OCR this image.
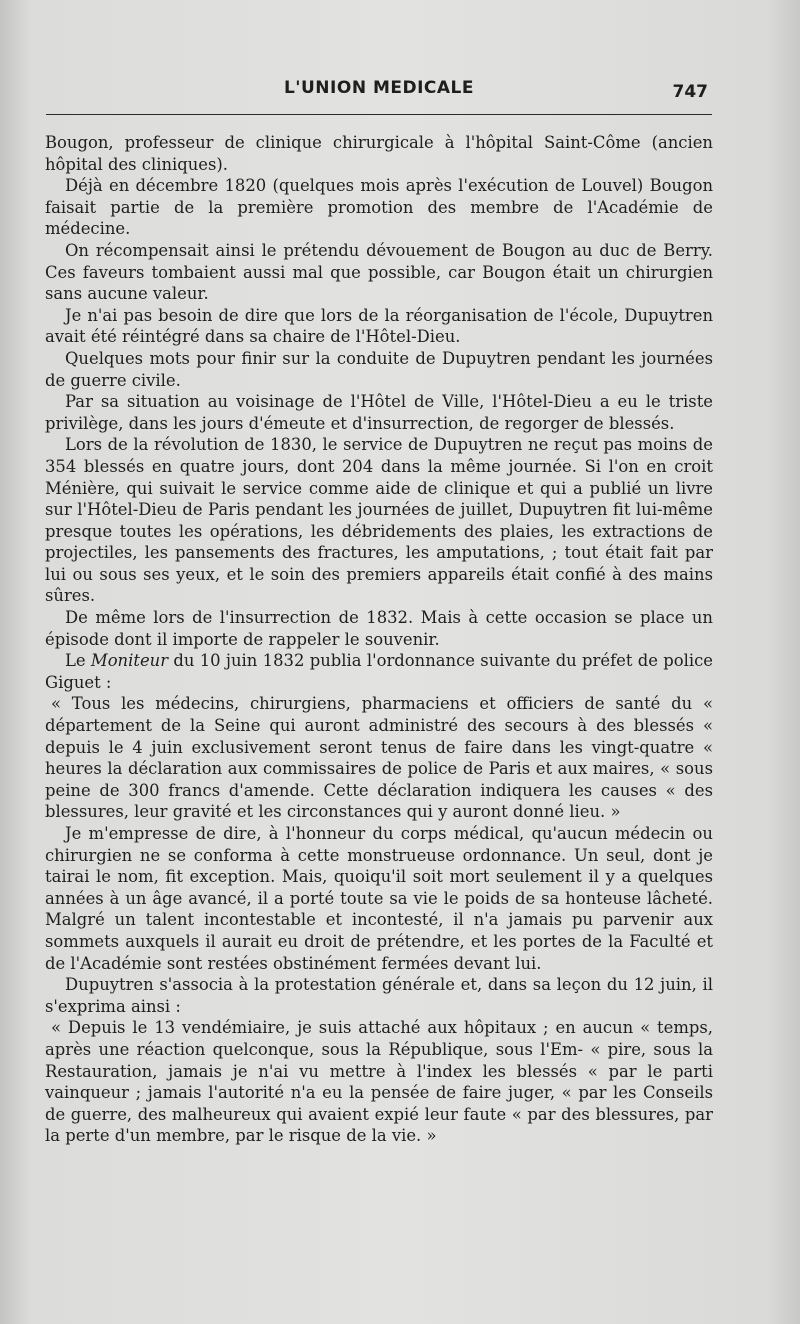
L'UNION MEDICALE	747

Bougon, professeur de clinique chirurgicale à l'hôpital Saint-Côme (ancien hôpital des cliniques).

Déjà en décembre 1820 (quelques mois après l'exécution de Louvel) Bougon faisait partie de la première promotion des membre de l'Académie de médecine.

On récompensait ainsi le prétendu dévouement de Bougon au duc de Berry. Ces faveurs tombaient aussi mal que possible, car Bougon était un chirurgien sans aucune valeur.

Je n'ai pas besoin de dire que lors de la réorganisation de l'école, Dupuytren avait été réintégré dans sa chaire de l'Hôtel-Dieu.

Quelques mots pour finir sur la conduite de Dupuytren pendant les journées de guerre civile.

Par sa situation au voisinage de l'Hôtel de Ville, l'Hôtel-Dieu a eu le triste privilège, dans les jours d'émeute et d'insurrection, de regorger de blessés.

Lors de la révolution de 1830, le service de Dupuytren ne reçut pas moins de 354 blessés en quatre jours, dont 204 dans la même journée. Si l'on en croit Ménière, qui suivait le service comme aide de clinique et qui a publié un livre sur l'Hôtel-Dieu de Paris pendant les journées de juillet, Dupuytren fit lui-même presque toutes les opérations, les débridements des plaies, les extractions de projectiles, les pansements des fractures, les amputations, ; tout était fait par lui ou sous ses yeux, et le soin des premiers appareils était confié à des mains sûres.

De même lors de l'insurrection de 1832. Mais à cette occasion se place un épisode dont il importe de rappeler le souvenir.

Le Moniteur du 10 juin 1832 publia l'ordonnance suivante du préfet de police Giguet :

« Tous les médecins, chirurgiens, pharmaciens et officiers de santé du « département de la Seine qui auront administré des secours à des blessés « depuis le 4 juin exclusivement seront tenus de faire dans les vingt-quatre « heures la déclaration aux commissaires de police de Paris et aux maires, « sous peine de 300 francs d'amende. Cette déclaration indiquera les causes « des blessures, leur gravité et les circonstances qui y auront donné lieu. »

Je m'empresse de dire, à l'honneur du corps médical, qu'aucun médecin ou chirurgien ne se conforma à cette monstrueuse ordonnance. Un seul, dont je tairai le nom, fit exception. Mais, quoiqu'il soit mort seulement il y a quelques années à un âge avancé, il a porté toute sa vie le poids de sa honteuse lâcheté. Malgré un talent incontestable et incontesté, il n'a jamais pu parvenir aux sommets auxquels il aurait eu droit de prétendre, et les portes de la Faculté et de l'Académie sont restées obstinément fermées devant lui.

Dupuytren s'associa à la protestation générale et, dans sa leçon du 12 juin, il s'exprima ainsi :

« Depuis le 13 vendémiaire, je suis attaché aux hôpitaux ; en aucun « temps, après une réaction quelconque, sous la République, sous l'Em- « pire, sous la Restauration, jamais je n'ai vu mettre à l'index les blessés « par le parti vainqueur ; jamais l'autorité n'a eu la pensée de faire juger, « par les Conseils de guerre, des malheureux qui avaient expié leur faute « par des blessures, par la perte d'un membre, par le risque de la vie. »
